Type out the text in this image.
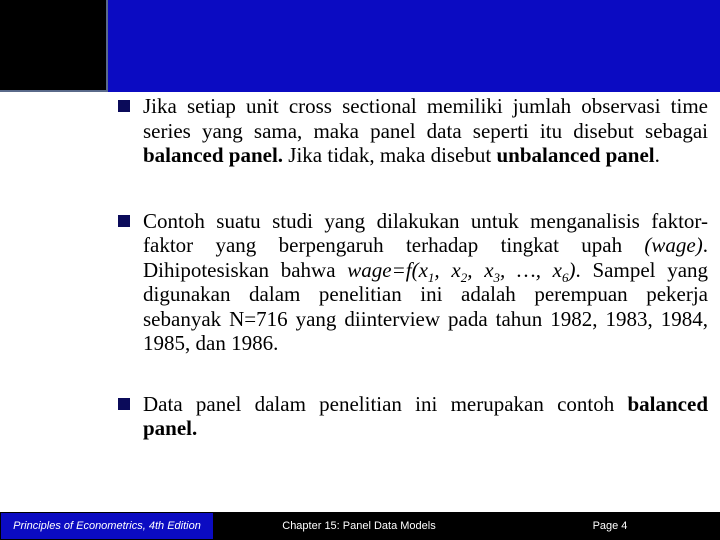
Jika setiap unit cross sectional memiliki jumlah observasi time series yang sama, maka panel data seperti itu disebut sebagai balanced panel. Jika tidak, maka disebut unbalanced panel.
Contoh suatu studi yang dilakukan untuk menganalisis faktor-faktor yang berpengaruh terhadap tingkat upah (wage). Dihipotesiskan bahwa $wage=f(x_1$, $x_2$, $x_3$, …, $x_6$). Sampel yang digunakan dalam penelitian ini adalah perempuan pekerja sebanyak N=716 yang diinterview pada tahun 1982, 1983, 1984, 1985, dan 1986.
Data panel dalam penelitian ini merupakan contoh balanced panel.
Principles of Econometrics, 4th Edition	Chapter 15: Panel Data Models	Page 4
